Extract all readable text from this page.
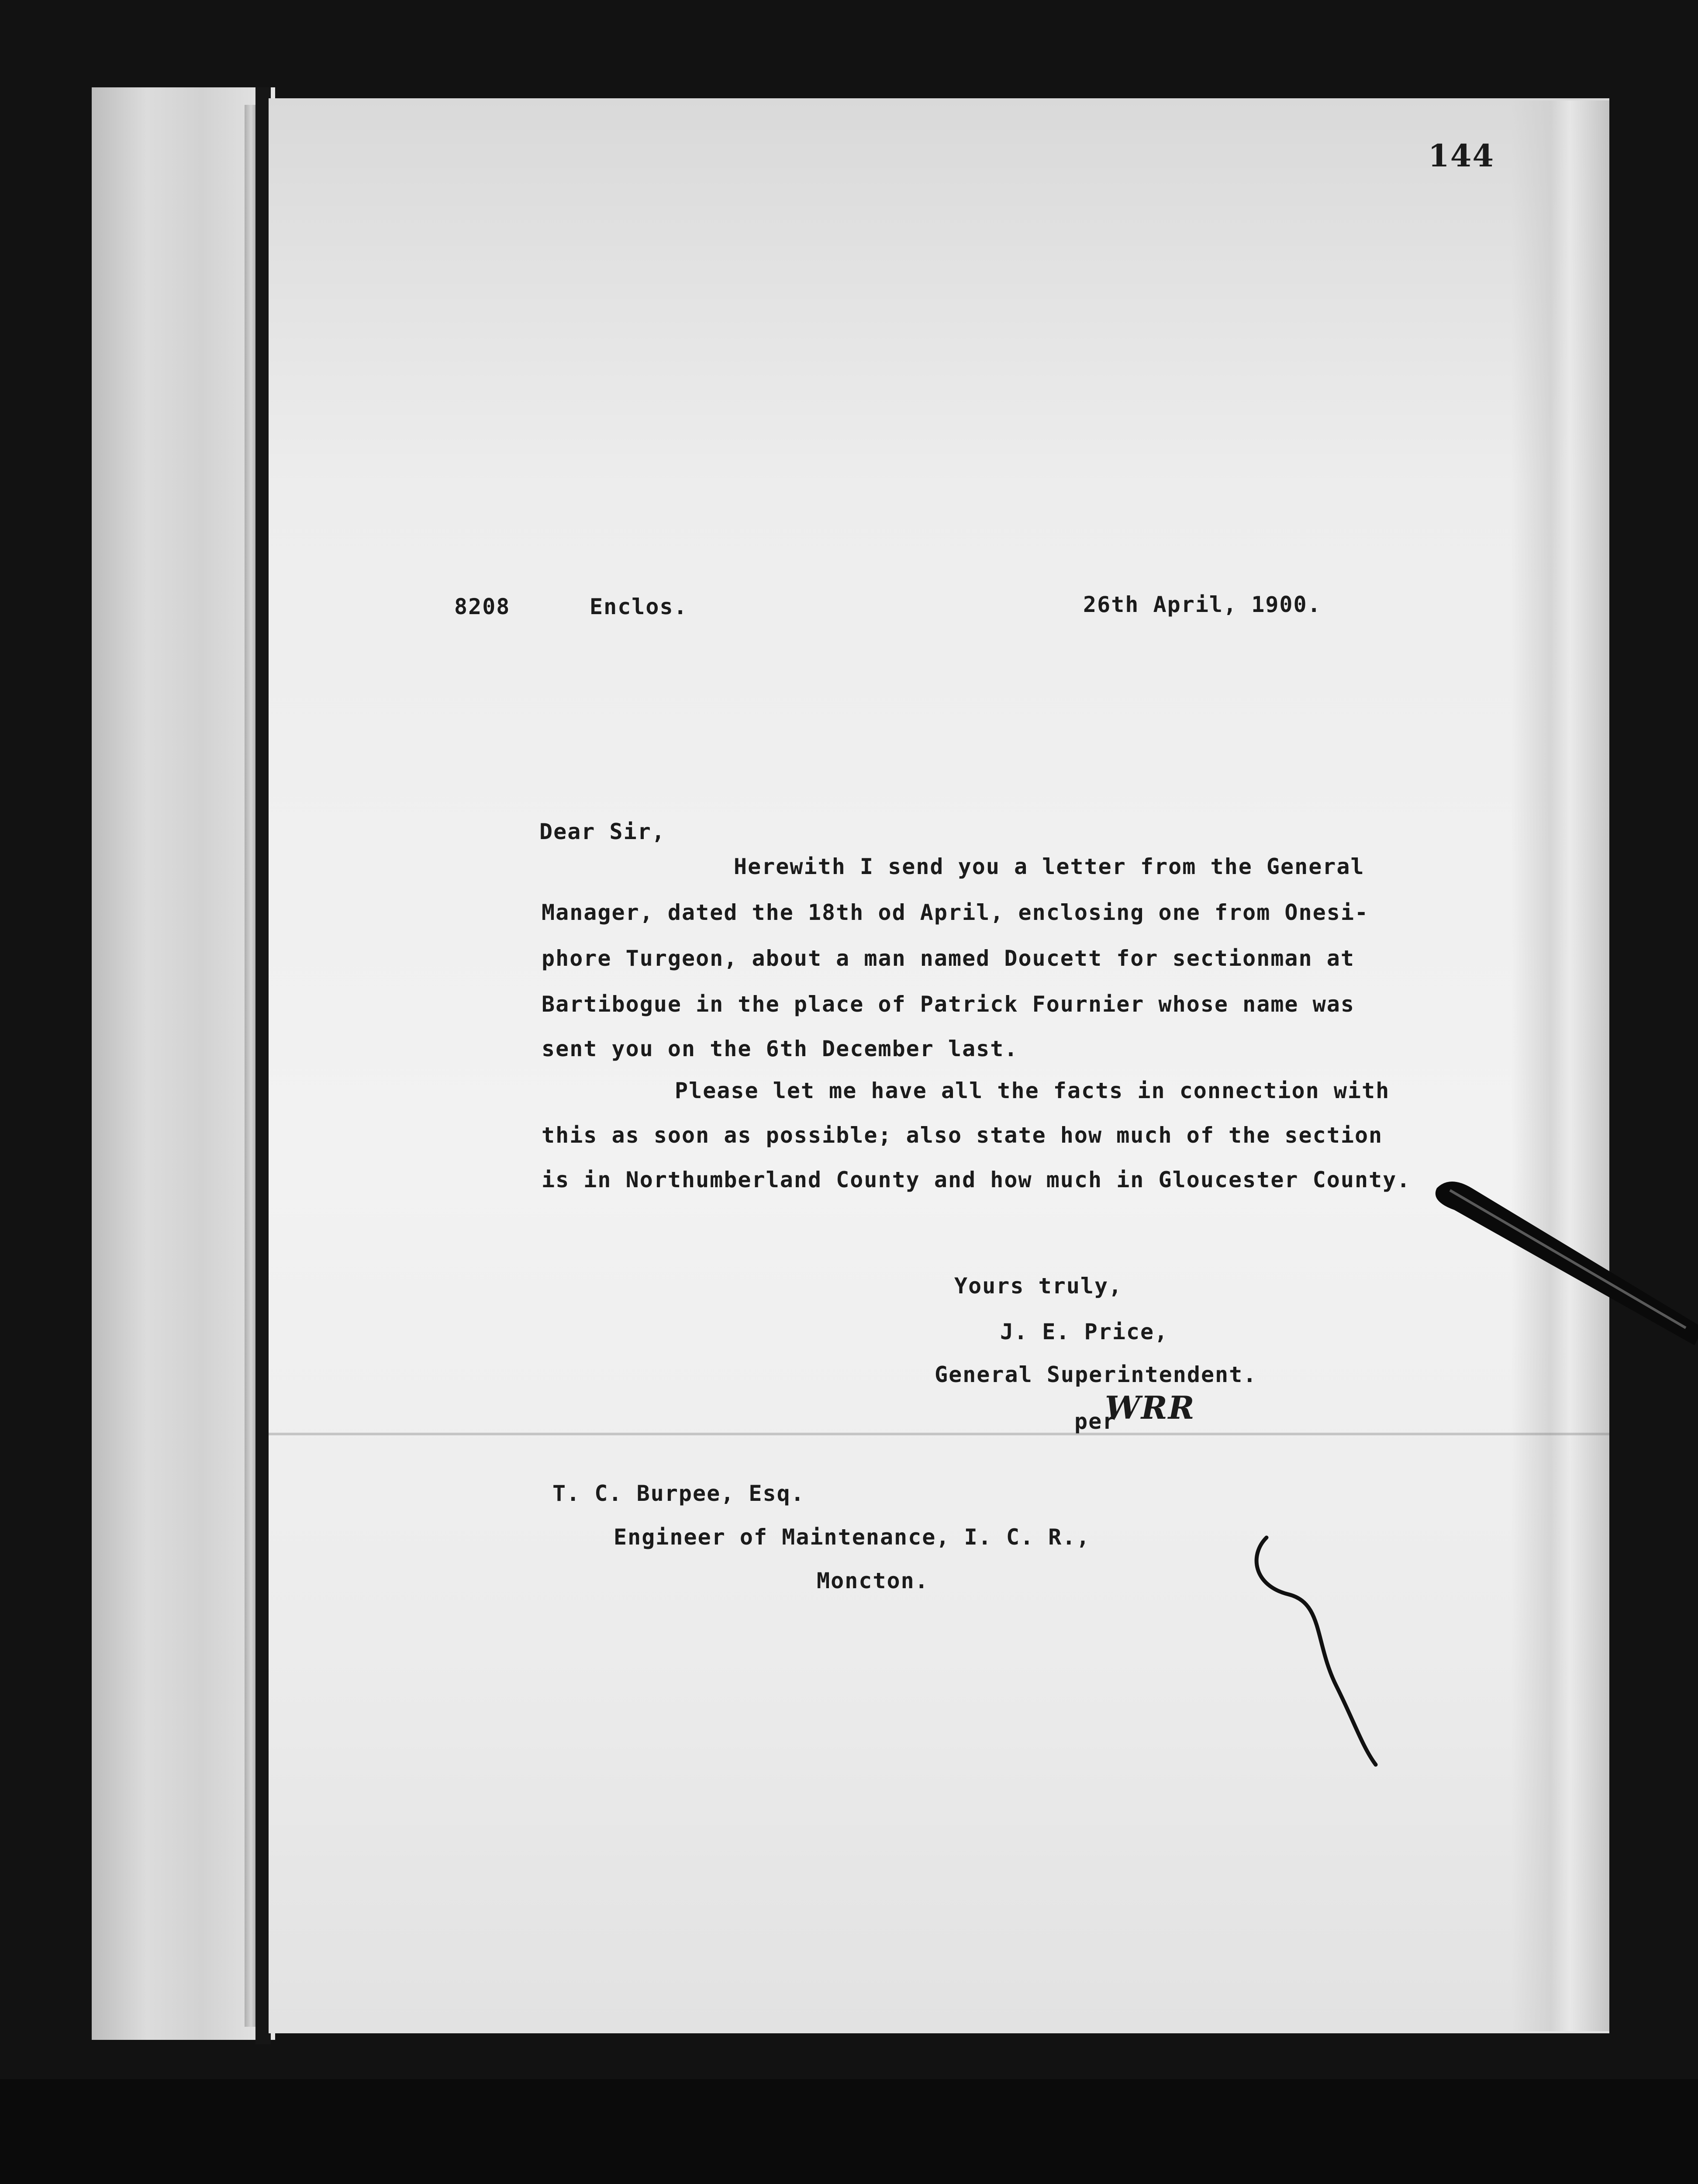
144
8208	Enclos.	26th April, 1900.
Dear Sir,
Herewith I send you a letter from the General
Manager, dated the 18th od April, enclosing one from Onesi-
phore Turgeon, about a man named Doucett for sectionman at
Bartibogue in the place of Patrick Fournier whose name was
sent you on the 6th December last.
Please let me have all the facts in connection with
this as soon as possible; also state how much of the section
is in Northumberland County and how much in Gloucester County.
Yours truly,
J. E. Price,
General Superintendent.
per
WRR
T. C. Burpee, Esq.
Engineer of Maintenance, I. C. R.,
Moncton.
